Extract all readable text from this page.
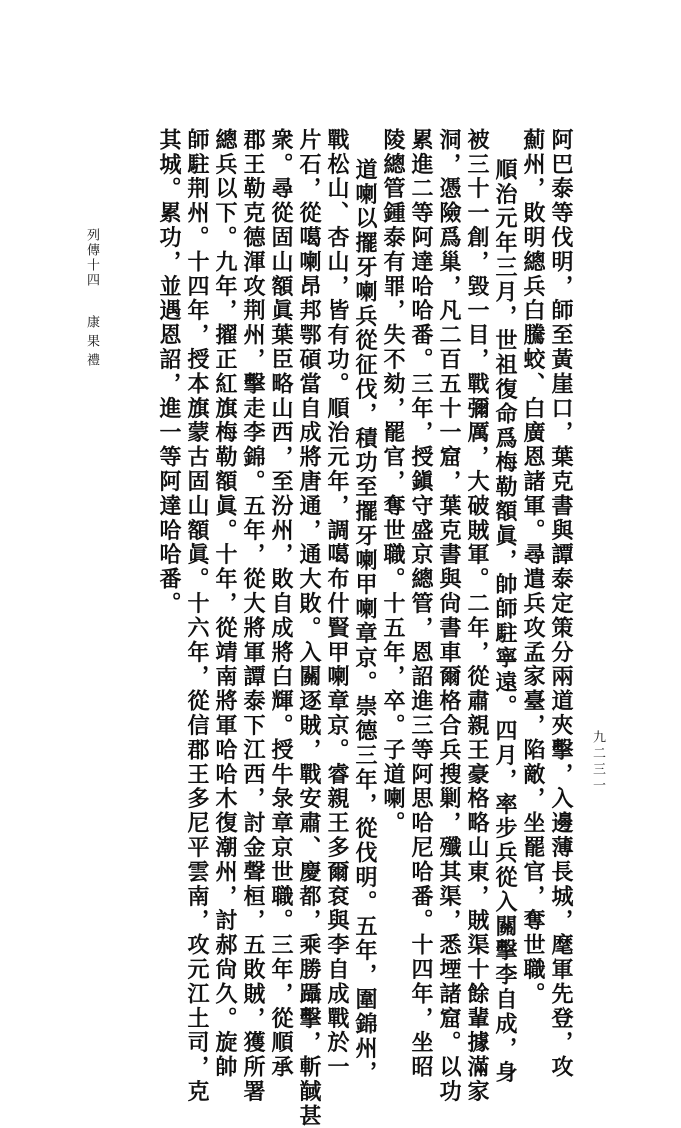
阿巴泰等伐明，師至黃崖口，葉克書與譚泰定策分兩道夾擊，入邊薄長城，麾軍先登，攻
薊州，敗明總兵白騰蛟、白廣恩諸軍。尋遣兵攻孟家臺，陷敵，坐罷官，奪世職。
順治元年三月，世祖復命爲梅勒額眞，帥師駐寧遠。四月，率步兵從入關擊李自成，身
被三十一創，毀一目，戰彌厲，大破賊軍。二年，從肅親王豪格略山東，賊渠十餘輩據滿家
洞，憑險爲巢，凡二百五十一窟，葉克書與尙書車爾格合兵搜剿，殲其渠，悉堙諸窟。以功
累進二等阿達哈哈番。三年，授鎭守盛京總管，恩詔進三等阿思哈尼哈番。十四年，坐昭
陵總管鍾泰有罪，失不劾，罷官，奪世職。十五年，卒。子道喇。
道喇以擺牙喇兵從征伐，積功至擺牙喇甲喇章京。崇德三年，從伐明。五年，圍錦州，
戰松山、杏山，皆有功。順治元年，調噶布什賢甲喇章京。睿親王多爾袞與李自成戰於一
片石，從噶喇昂邦鄂碩當自成將唐通，通大敗。入關逐賊，戰安肅、慶都，乘勝躡擊，斬馘甚
衆。尋從固山額眞葉臣略山西，至汾州，敗自成將白輝。授牛彔章京世職。三年，從順承
郡王勒克德渾攻荆州，擊走李錦。五年，從大將軍譚泰下江西，討金聲桓，五敗賊，獲所署
總兵以下。九年，擢正紅旗梅勒額眞。十年，從靖南將軍哈哈木復潮州，討郝尙久。旋帥
師駐荆州。十四年，授本旗蒙古固山額眞。十六年，從信郡王多尼平雲南，攻元江土司，克
其城。累功，並遇恩詔，進一等阿達哈哈番。
列傳十四
康果禮
九二三一
